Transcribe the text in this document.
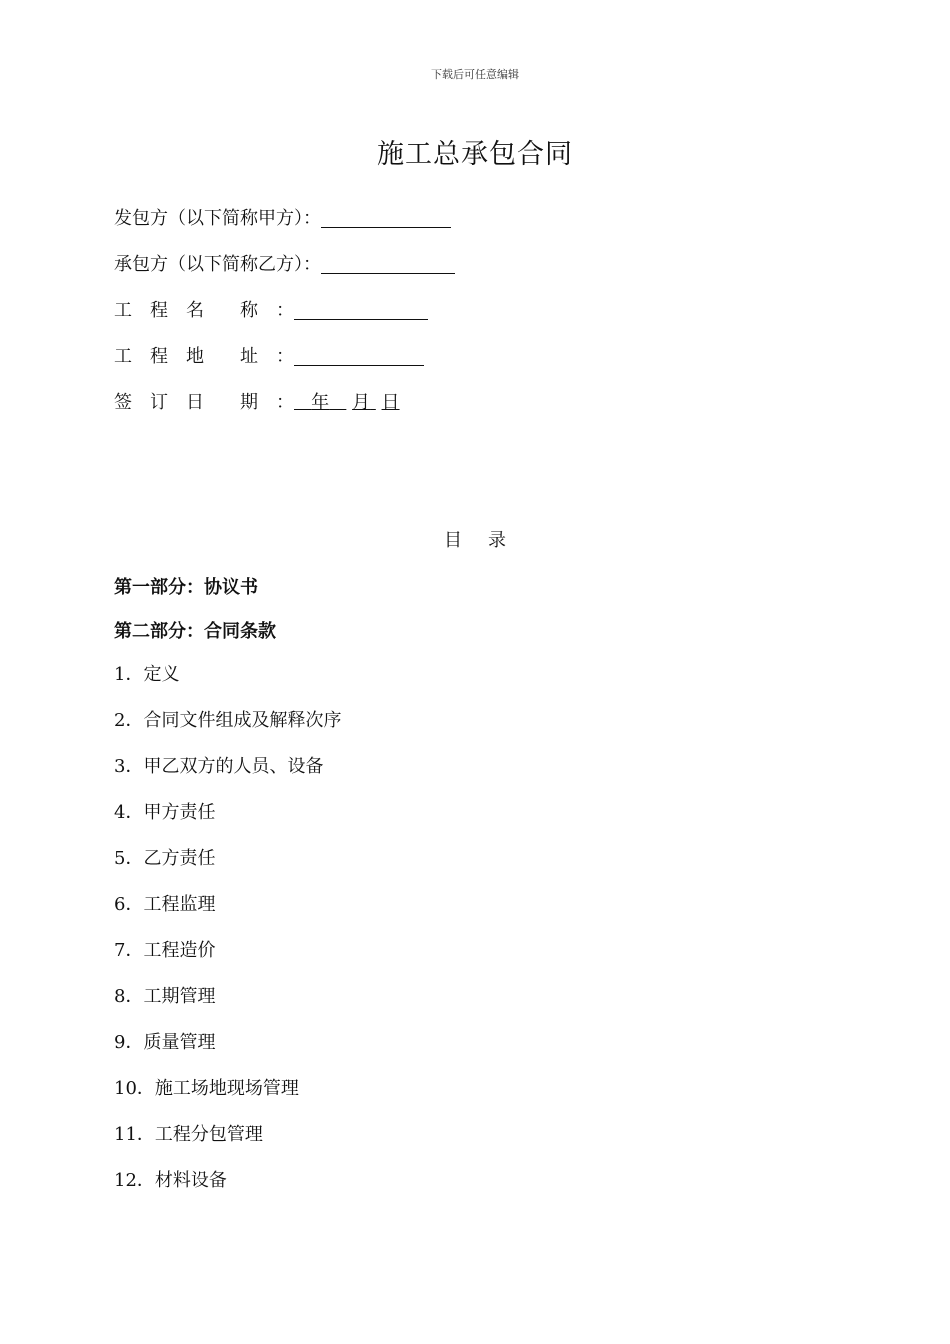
下载后可任意编辑
施工总承包合同
发包方（以下简称甲方）：
承包方（以下简称乙方）：
工　程　名　　称　：
工　程　地　　址　：
签　订　日　　期　： 年 月 日
目录
第一部分：协议书
第二部分：合同条款
1．定义
2．合同文件组成及解释次序
3．甲乙双方的人员、设备
4．甲方责任
5．乙方责任
6．工程监理
7．工程造价
8．工期管理
9．质量管理
10．施工场地现场管理
11．工程分包管理
12．材料设备
